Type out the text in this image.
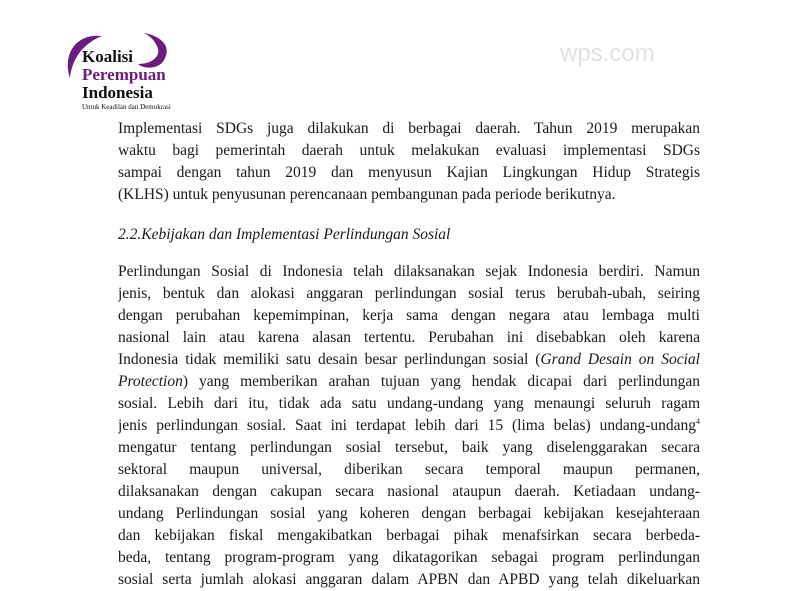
Koalisi
Perempuan
Indonesia
Untuk Keadilan dan Demokrasi
Implementasi SDGs juga dilakukan di berbagai daerah. Tahun 2019 merupakan
waktu bagi pemerintah daerah untuk melakukan evaluasi implementasi SDGs
sampai dengan tahun 2019 dan menyusun Kajian Lingkungan Hidup Strategis
(KLHS) untuk penyusunan perencanaan pembangunan pada periode berikutnya.
2.2.Kebijakan dan Implementasi Perlindungan Sosial
Perlindungan Sosial di Indonesia telah dilaksanakan sejak Indonesia berdiri. Namun
jenis, bentuk dan alokasi anggaran perlindungan sosial terus berubah-ubah, seiring
dengan perubahan kepemimpinan, kerja sama dengan negara atau lembaga multi
nasional lain atau karena alasan tertentu. Perubahan ini disebabkan oleh karena
Indonesia tidak memiliki satu desain besar perlindungan sosial (Grand Desain on Social
Protection) yang memberikan arahan tujuan yang hendak dicapai dari perlindungan
sosial. Lebih dari itu, tidak ada satu undang-undang yang menaungi seluruh ragam
jenis perlindungan sosial. Saat ini terdapat lebih dari 15 (lima belas) undang-undang$^4$
mengatur tentang perlindungan sosial tersebut, baik yang diselenggarakan secara
sektoral maupun universal, diberikan secara temporal maupun permanen,
dilaksanakan dengan cakupan secara nasional ataupun daerah. Ketiadaan undang-
undang Perlindungan sosial yang koheren dengan berbagai kebijakan kesejahteraan
dan kebijakan fiskal mengakibatkan berbagai pihak menafsirkan secara berbeda-
beda, tentang program-program yang dikatagorikan sebagai program perlindungan
sosial serta jumlah alokasi anggaran dalam APBN dan APBD yang telah dikeluarkan
wps.com
